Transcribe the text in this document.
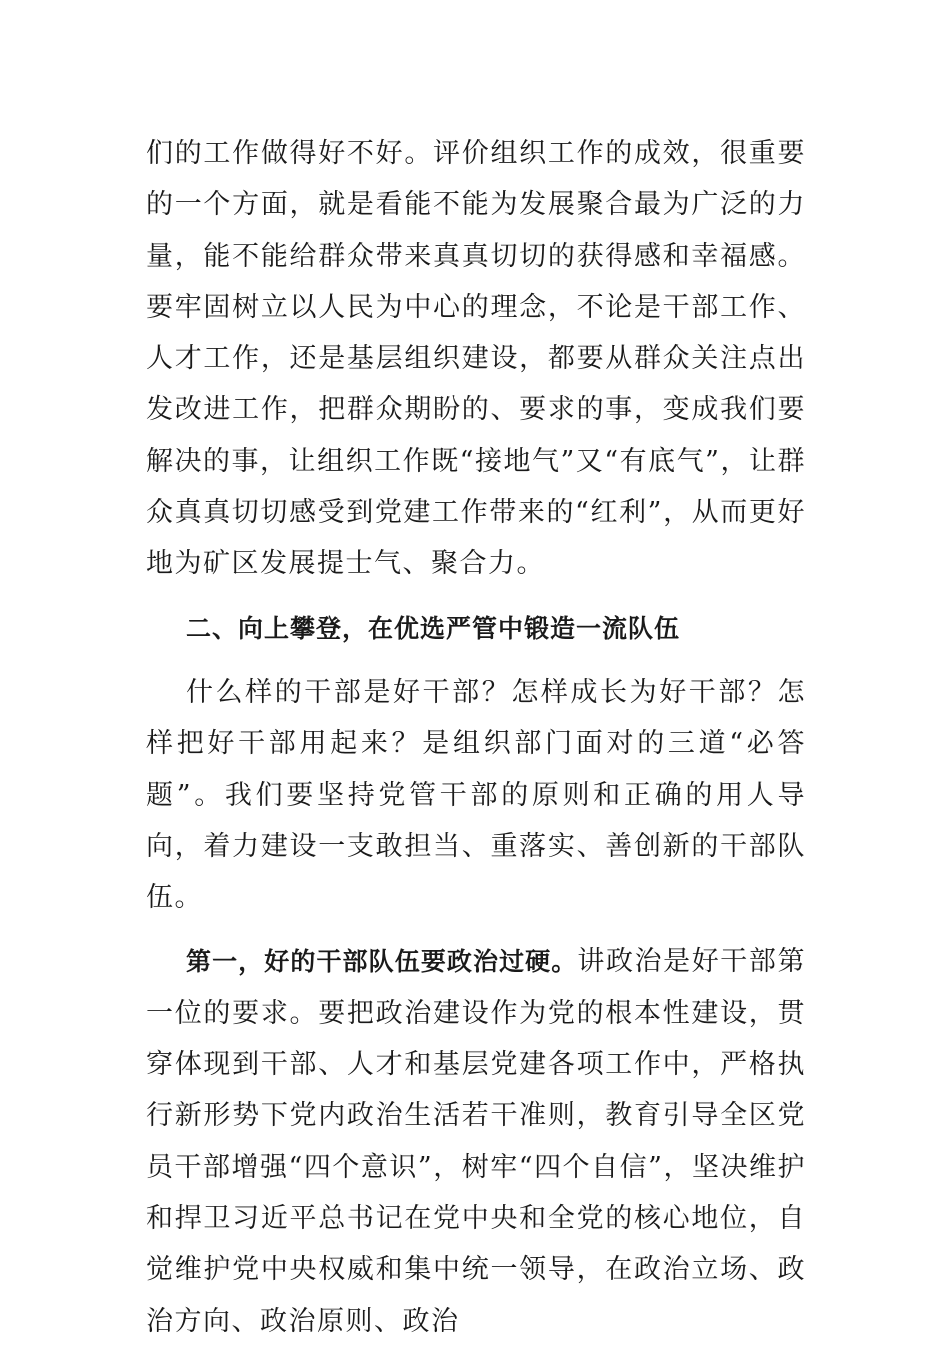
们的工作做得好不好。评价组织工作的成效，很重要的一个方面，就是看能不能为发展聚合最为广泛的力量，能不能给群众带来真真切切的获得感和幸福感。要牢固树立以人民为中心的理念，不论是干部工作、人才工作，还是基层组织建设，都要从群众关注点出发改进工作，把群众期盼的、要求的事，变成我们要解决的事，让组织工作既“接地气”又“有底气”，让群众真真切切感受到党建工作带来的“红利”，从而更好地为矿区发展提士气、聚合力。

二、向上攀登，在优选严管中锻造一流队伍

什么样的干部是好干部？怎样成长为好干部？怎样把好干部用起来？是组织部门面对的三道“必答题”。我们要坚持党管干部的原则和正确的用人导向，着力建设一支敢担当、重落实、善创新的干部队伍。

第一，好的干部队伍要政治过硬。讲政治是好干部第一位的要求。要把政治建设作为党的根本性建设，贯穿体现到干部、人才和基层党建各项工作中，严格执行新形势下党内政治生活若干准则，教育引导全区党员干部增强“四个意识”，树牢“四个自信”，坚决维护和捍卫习近平总书记在党中央和全党的核心地位，自觉维护党中央权威和集中统一领导，在政治立场、政治方向、政治原则、政治
